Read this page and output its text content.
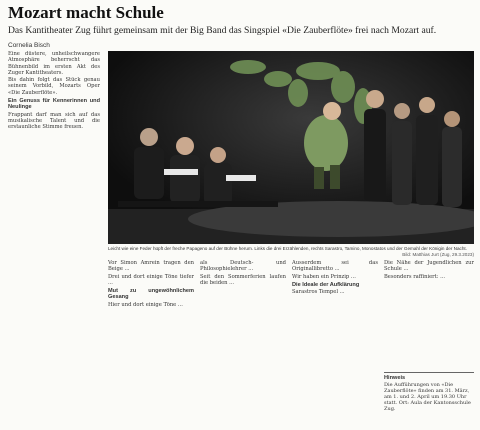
Mozart macht Schule

Das Kantitheater Zug führt gemeinsam mit der Big Band das Singspiel «Die Zauberflöte» frei nach Mozart auf.

Cornelia Bisch

Eine düstere, unheilschwangere Atmosphäre beherrscht das Bühnenbild im ersten Akt des Zuger Kantitheaters.

Bis dahin folgt das Stück genau seinem Vorbild, Mozarts Oper «Die Zauberflöte».

Ein Genuss für Kennerinnen und Neulinge

Frappant darf man sich auf das musikalische Talent und die erstaunliche Stimme freuen.

Leicht wie eine Feder hüpft der freche Papageno auf der Bühne herum. Links die drei Erzählenden, rechts Sarastro, Tamino, Monostatos und der Gemahl der Königin der Nacht.
Bild: Matthias Jurt (Zug, 29.3.2023)

Vor Simon Amrein tragen den Beige ...

Drei und dort einige Töne tiefer ...

Mut zu ungewöhnlichem Gesang

Hier und dort einige Töne ...

als Deutsch- und Philosophielehrer ...

Seit den Sommerferien laufen die beiden ...

Ausserdem sei das Originallibretto ...

Wir haben ein Prinzip ...

Die Ideale der Aufklärung

Sarastros Tempel ...

Die Nähe der Jugendlichen zur Schule ...

Besonders raffiniert: ...

Hinweis
Die Aufführungen von «Die Zauberflöte» finden am 31. März, am 1. und 2. April um 19.30 Uhr statt. Ort: Aula der Kantonsschule Zug.
